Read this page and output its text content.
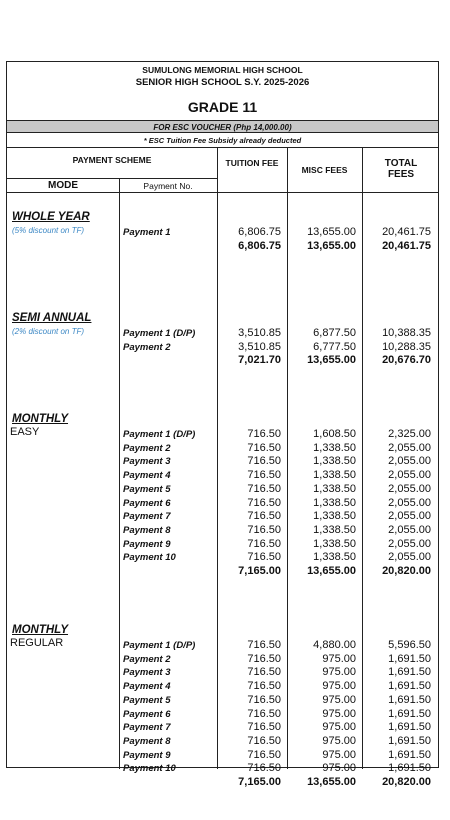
SUMULONG MEMORIAL HIGH SCHOOL
SENIOR HIGH SCHOOL S.Y. 2025-2026
GRADE 11
FOR ESC VOUCHER (Php 14,000.00)
* ESC Tuition Fee Subsidy already deducted
PAYMENT SCHEME
MODE	Payment No.
TUITION FEE
MISC FEES
TOTAL FEES
WHOLE YEAR
(5% discount on TF)	Payment 1	6,806.75	13,655.00	20,461.75
6,806.75	13,655.00	20,461.75
SEMI ANNUAL
(2% discount on TF)	Payment 1 (D/P)	3,510.85	6,877.50	10,388.35
Payment 2	3,510.85	6,777.50	10,288.35
7,021.70	13,655.00	20,676.70
MONTHLY
EASY	Payment 1 (D/P)	716.50	1,608.50	2,325.00
Payment 2	716.50	1,338.50	2,055.00
Payment 3	716.50	1,338.50	2,055.00
Payment 4	716.50	1,338.50	2,055.00
Payment 5	716.50	1,338.50	2,055.00
Payment 6	716.50	1,338.50	2,055.00
Payment 7	716.50	1,338.50	2,055.00
Payment 8	716.50	1,338.50	2,055.00
Payment 9	716.50	1,338.50	2,055.00
Payment 10	716.50	1,338.50	2,055.00
7,165.00	13,655.00	20,820.00
MONTHLY
REGULAR	Payment 1 (D/P)	716.50	4,880.00	5,596.50
Payment 2	716.50	975.00	1,691.50
Payment 3	716.50	975.00	1,691.50
Payment 4	716.50	975.00	1,691.50
Payment 5	716.50	975.00	1,691.50
Payment 6	716.50	975.00	1,691.50
Payment 7	716.50	975.00	1,691.50
Payment 8	716.50	975.00	1,691.50
Payment 9	716.50	975.00	1,691.50
Payment 10	716.50	975.00	1,691.50
7,165.00	13,655.00	20,820.00
